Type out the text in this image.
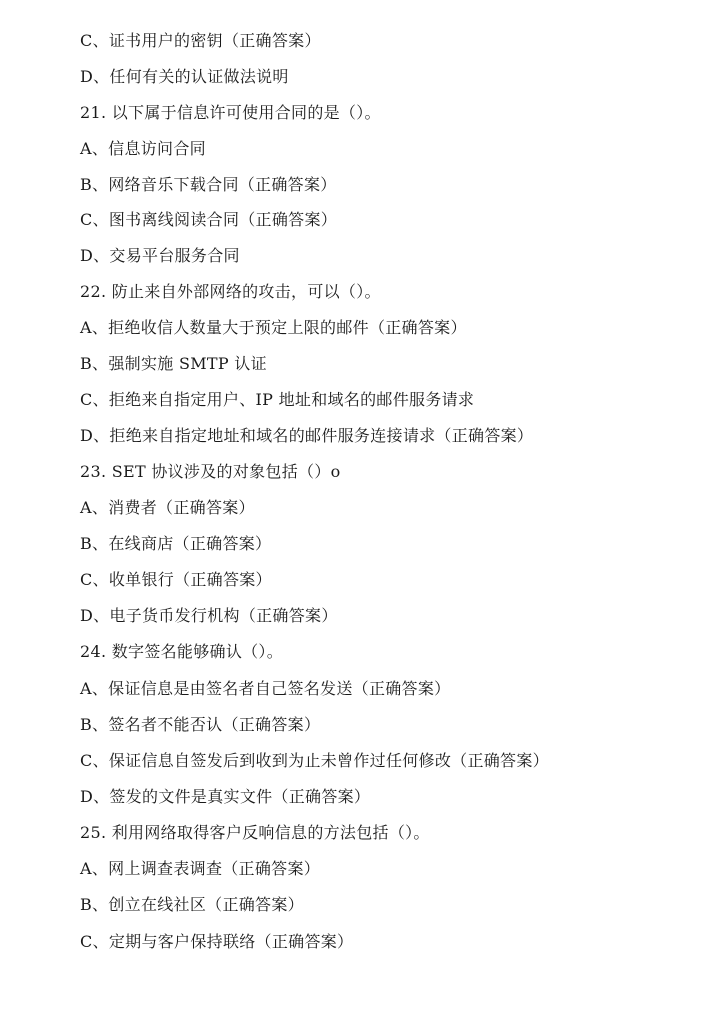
C、证书用户的密钥（正确答案）
D、任何有关的认证做法说明
21. 以下属于信息许可使用合同的是（）。
A、信息访问合同
B、网络音乐下载合同（正确答案）
C、图书离线阅读合同（正确答案）
D、交易平台服务合同
22. 防止来自外部网络的攻击，可以（）。
A、拒绝收信人数量大于预定上限的邮件（正确答案）
B、强制实施 SMTP 认证
C、拒绝来自指定用户、IP 地址和域名的邮件服务请求
D、拒绝来自指定地址和域名的邮件服务连接请求（正确答案）
23. SET 协议涉及的对象包括（）o
A、消费者（正确答案）
B、在线商店（正确答案）
C、收单银行（正确答案）
D、电子货币发行机构（正确答案）
24. 数字签名能够确认（）。
A、保证信息是由签名者自己签名发送（正确答案）
B、签名者不能否认（正确答案）
C、保证信息自签发后到收到为止未曾作过任何修改（正确答案）
D、签发的文件是真实文件（正确答案）
25. 利用网络取得客户反响信息的方法包括（）。
A、网上调查表调查（正确答案）
B、创立在线社区（正确答案）
C、定期与客户保持联络（正确答案）
